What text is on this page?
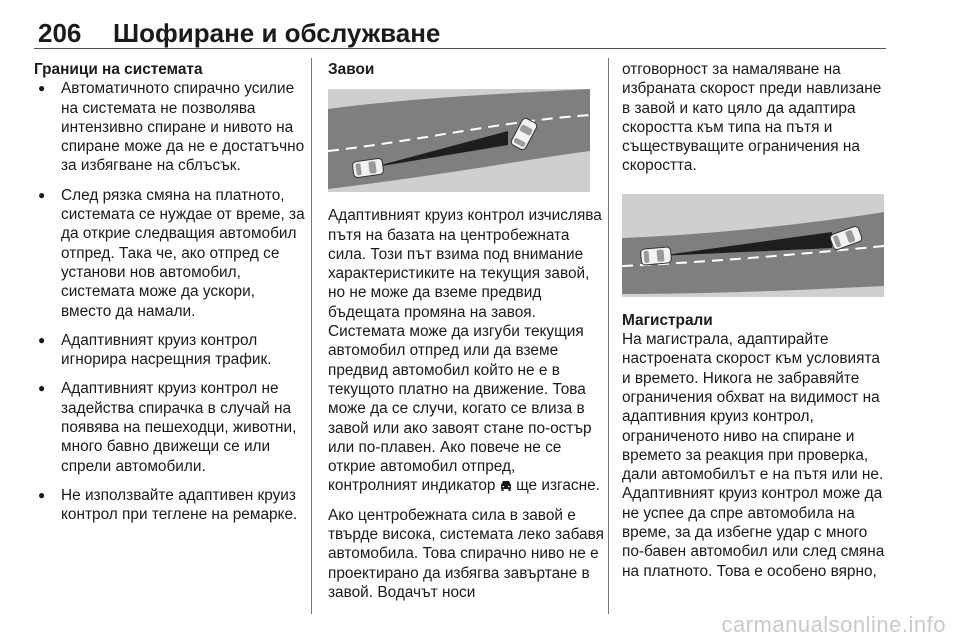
206 Шофиране и обслужване

Граници на системата

● Автоматичното спирачно усилие на системата не позволява интензивно спиране и нивото на спиране може да не е достатъчно за избягване на сблъсък.
● След рязка смяна на платното, системата се нуждае от време, за да открие следващия автомобил отпред. Така че, ако отпред се установи нов автомобил, системата може да ускори, вместо да намали.
● Адаптивният круиз контрол игнорира насрещния трафик.
● Адаптивният круиз контрол не задейства спирачка в случай на появява на пешеходци, животни, много бавно движещи се или спрели автомобили.
● Не използвайте адаптивен круиз контрол при теглене на ремарке.

Завои

Адаптивният круиз контрол изчислява пътя на базата на центробежната сила. Този път взима под внимание характеристиките на текущия завой, но не може да вземе предвид бъдещата промяна на завоя. Системата може да изгуби текущия автомобил отпред или да вземе предвид автомобил който не е в текущото платно на движение. Това може да се случи, когато се влиза в завой или ако завоят стане по-остър или по-плавен. Ако повече не се открие автомобил отпред, контролният индикатор ще изгасне.

Ако центробежната сила в завой е твърде висока, системата леко забавя автомобила. Това спирачно ниво не е проектирано да избягва завъртане в завой. Водачът носи

отговорност за намаляване на избраната скорост преди навлизане в завой и като цяло да адаптира скоростта към типа на пътя и съществуващите ограничения на скоростта.

Магистрали

На магистрала, адаптирайте настроената скорост към условията и времето. Никога не забравяйте ограничения обхват на видимост на адаптивния круиз контрол, ограниченото ниво на спиране и времето за реакция при проверка, дали автомобилът е на пътя или не. Адаптивният круиз контрол може да не успее да спре автомобила на време, за да избегне удар с много по-бавен автомобил или след смяна на платното. Това е особено вярно,

carmanualsonline.info
